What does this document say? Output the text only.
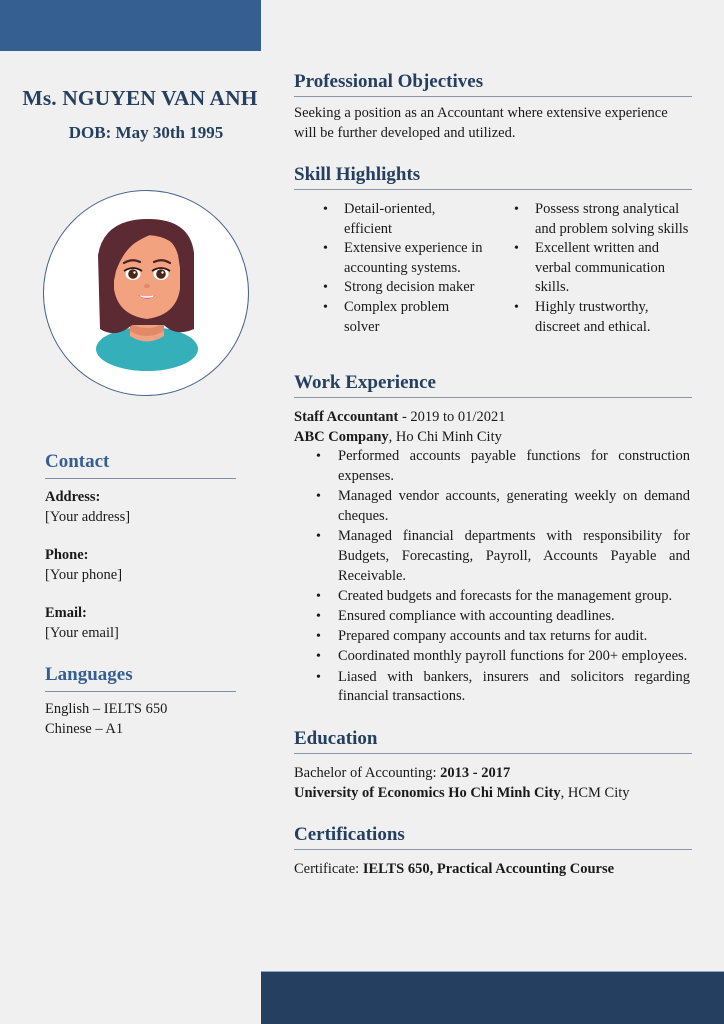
Ms. NGUYEN VAN ANH
DOB: May 30th 1995
Contact
Address:
[Your address]
Phone:
[Your phone]
Email:
[Your email]
Languages
English – IELTS 650
Chinese – A1
Professional Objectives
Seeking a position as an Accountant where extensive experience will be further developed and utilized.
Skill Highlights
• Detail-oriented, efficient
• Extensive experience in accounting systems.
• Strong decision maker
• Complex problem solver
• Possess strong analytical and problem solving skills
• Excellent written and verbal communication skills.
• Highly trustworthy, discreet and ethical.
Work Experience
Staff Accountant - 2019 to 01/2021
ABC Company, Ho Chi Minh City
• Performed accounts payable functions for construction expenses.
• Managed vendor accounts, generating weekly on demand cheques.
• Managed financial departments with responsibility for Budgets, Forecasting, Payroll, Accounts Payable and Receivable.
• Created budgets and forecasts for the management group.
• Ensured compliance with accounting deadlines.
• Prepared company accounts and tax returns for audit.
• Coordinated monthly payroll functions for 200+ employees.
• Liased with bankers, insurers and solicitors regarding financial transactions.
Education
Bachelor of Accounting: 2013 - 2017
University of Economics Ho Chi Minh City, HCM City
Certifications
Certificate: IELTS 650, Practical Accounting Course
